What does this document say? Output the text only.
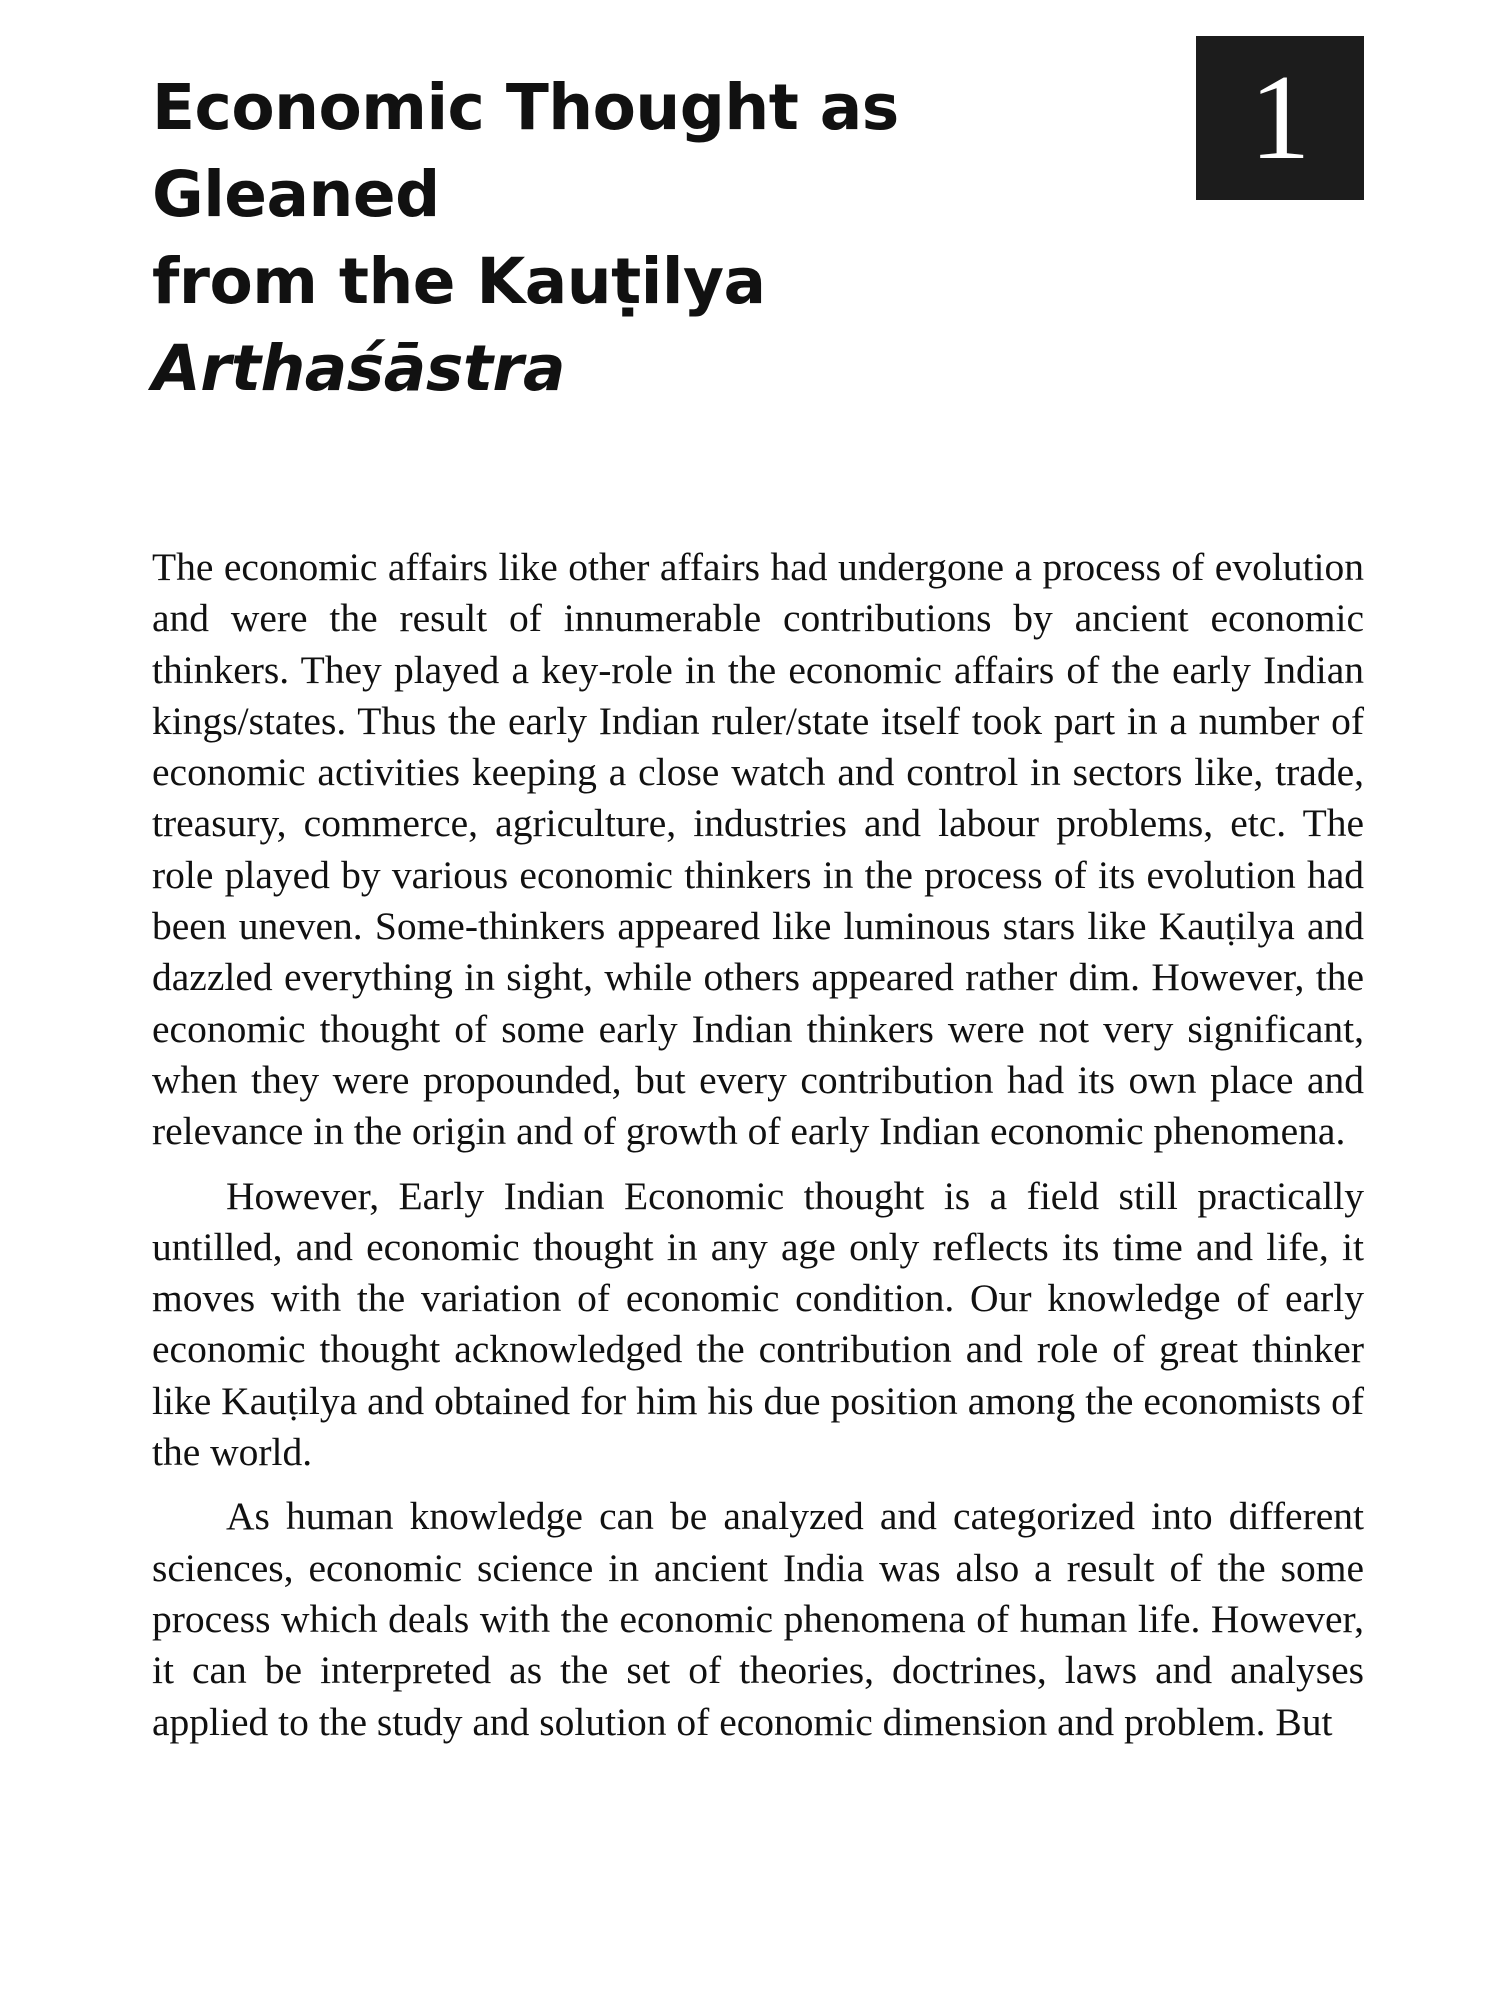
Economic Thought as Gleaned
from the Kauṭilya Arthaśāstra
1

The economic affairs like other affairs had undergone a process of evolution and were the result of innumerable contributions by ancient economic thinkers. They played a key-role in the economic affairs of the early Indian kings/states. Thus the early Indian ruler/state itself took part in a number of economic activities keeping a close watch and control in sectors like, trade, treasury, commerce, agriculture, industries and labour problems, etc. The role played by various economic thinkers in the process of its evolution had been uneven. Some-thinkers appeared like luminous stars like Kauṭilya and dazzled everything in sight, while others appeared rather dim. However, the economic thought of some early Indian thinkers were not very significant, when they were propounded, but every contribution had its own place and relevance in the origin and of growth of early Indian economic phenomena.

However, Early Indian Economic thought is a field still practically untilled, and economic thought in any age only reflects its time and life, it moves with the variation of economic condition. Our knowledge of early economic thought acknowledged the contribution and role of great thinker like Kauṭilya and obtained for him his due position among the economists of the world.

As human knowledge can be analyzed and categorized into different sciences, economic science in ancient India was also a result of the some process which deals with the economic phenomena of human life. However, it can be interpreted as the set of theories, doctrines, laws and analyses applied to the study and solution of economic dimension and problem. But
